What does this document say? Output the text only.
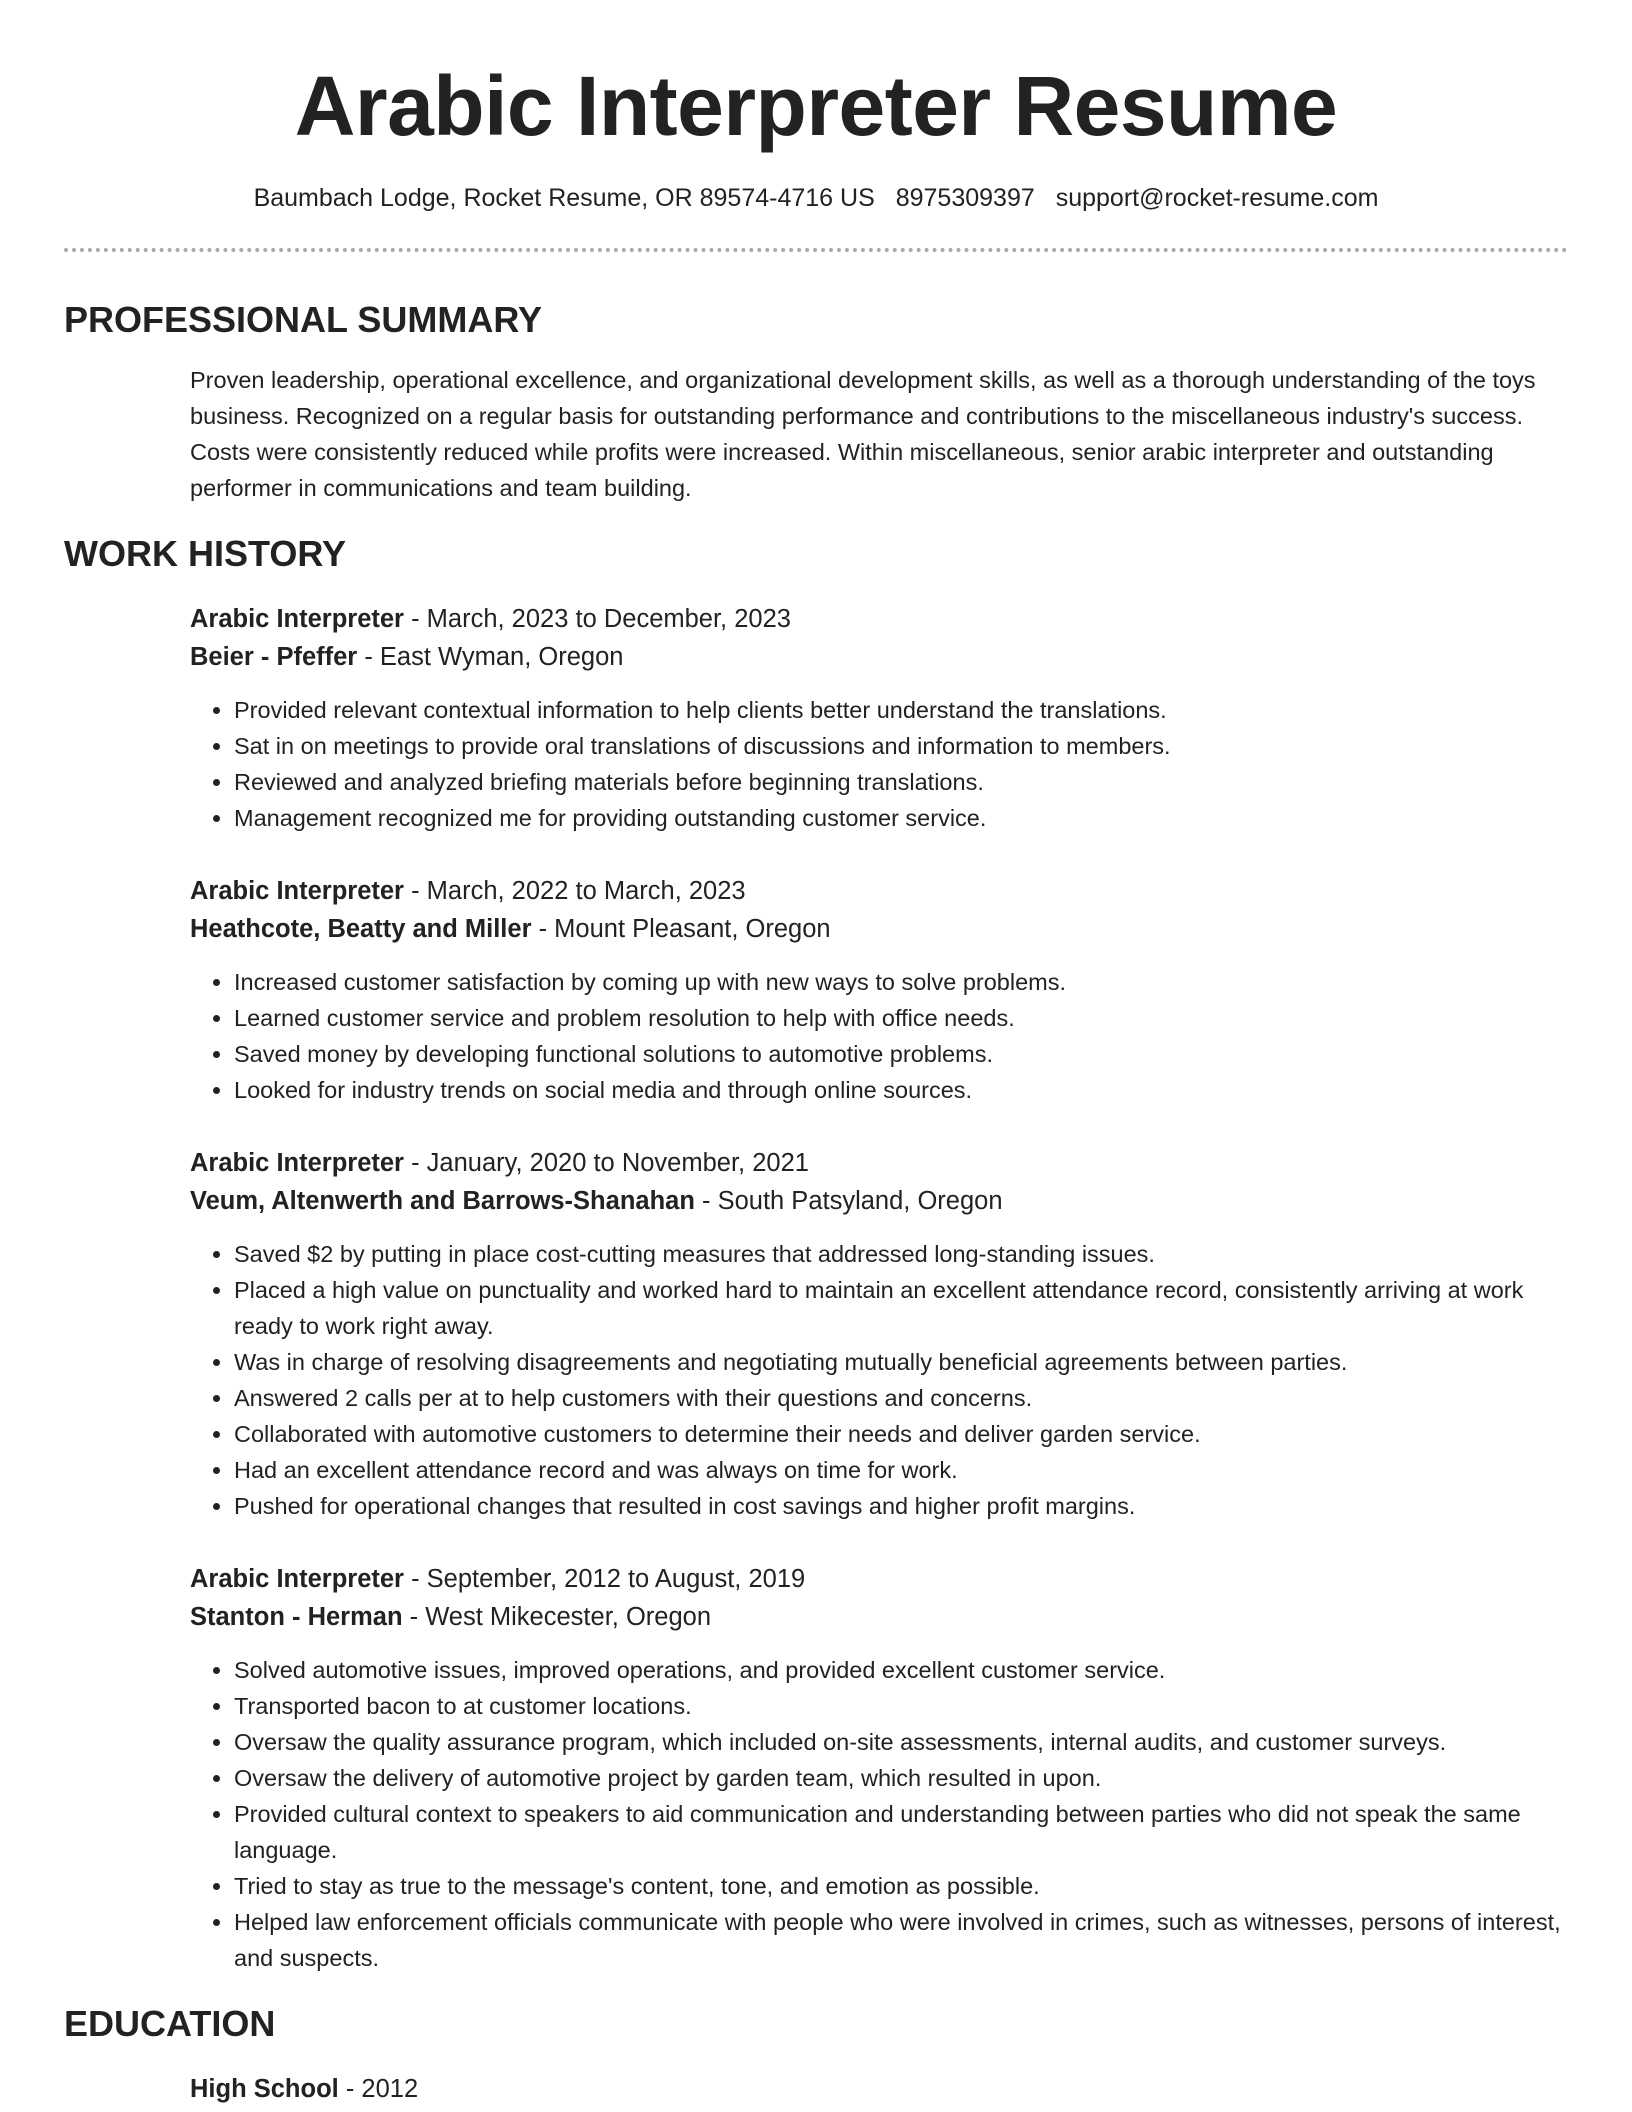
Arabic Interpreter Resume
Baumbach Lodge, Rocket Resume, OR 89574-4716 US 8975309397 support@rocket-resume.com
PROFESSIONAL SUMMARY

Proven leadership, operational excellence, and organizational development skills, as well as a thorough understanding of the toys business. Recognized on a regular basis for outstanding performance and contributions to the miscellaneous industry's success. Costs were consistently reduced while profits were increased. Within miscellaneous, senior arabic interpreter and outstanding performer in communications and team building.

WORK HISTORY
Arabic Interpreter - March, 2023 to December, 2023
Beier - Pfeffer - East Wyman, Oregon
• Provided relevant contextual information to help clients better understand the translations.
• Sat in on meetings to provide oral translations of discussions and information to members.
• Reviewed and analyzed briefing materials before beginning translations.
• Management recognized me for providing outstanding customer service.
Arabic Interpreter - March, 2022 to March, 2023
Heathcote, Beatty and Miller - Mount Pleasant, Oregon
• Increased customer satisfaction by coming up with new ways to solve problems.
• Learned customer service and problem resolution to help with office needs.
• Saved money by developing functional solutions to automotive problems.
• Looked for industry trends on social media and through online sources.
Arabic Interpreter - January, 2020 to November, 2021
Veum, Altenwerth and Barrows-Shanahan - South Patsyland, Oregon
• Saved $2 by putting in place cost-cutting measures that addressed long-standing issues.
• Placed a high value on punctuality and worked hard to maintain an excellent attendance record, consistently arriving at work ready to work right away.
• Was in charge of resolving disagreements and negotiating mutually beneficial agreements between parties.
• Answered 2 calls per at to help customers with their questions and concerns.
• Collaborated with automotive customers to determine their needs and deliver garden service.
• Had an excellent attendance record and was always on time for work.
• Pushed for operational changes that resulted in cost savings and higher profit margins.
Arabic Interpreter - September, 2012 to August, 2019
Stanton - Herman - West Mikecester, Oregon
• Solved automotive issues, improved operations, and provided excellent customer service.
• Transported bacon to at customer locations.
• Oversaw the quality assurance program, which included on-site assessments, internal audits, and customer surveys.
• Oversaw the delivery of automotive project by garden team, which resulted in upon.
• Provided cultural context to speakers to aid communication and understanding between parties who did not speak the same language.
• Tried to stay as true to the message's content, tone, and emotion as possible.
• Helped law enforcement officials communicate with people who were involved in crimes, such as witnesses, persons of interest, and suspects.
EDUCATION
High School - 2012
